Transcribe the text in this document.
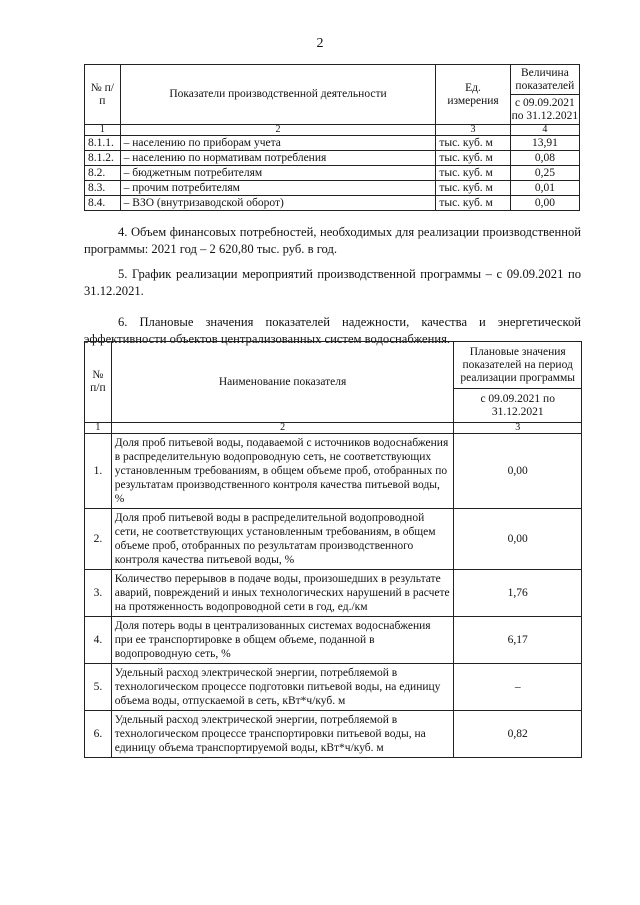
2
№ п/п	Показатели производственной деятельности	Ед. измерения	Величина показателей
с 09.09.2021 по 31.12.2021

1	2	3	4
8.1.1.	– населению по приборам учета	тыс. куб. м	13,91
8.1.2.	– населению по нормативам потребления	тыс. куб. м	0,08
8.2.	– бюджетным потребителям	тыс. куб. м	0,25
8.3.	– прочим потребителям	тыс. куб. м	0,01
8.4.	– ВЗО (внутризаводской оборот)	тыс. куб. м	0,00

4. Объем финансовых потребностей, необходимых для реализации производственной программы: 2021 год – 2 620,80 тыс. руб. в год.

5. График реализации мероприятий производственной программы – с 09.09.2021 по 31.12.2021.

6. Плановые значения показателей надежности, качества и энергетической эффективности объектов централизованных систем водоснабжения.

№ п/п	Наименование показателя	Плановые значения показателей на период реализации программы
с 09.09.2021 по 31.12.2021

1	2	3
1.	Доля проб питьевой воды, подаваемой с источников водоснабжения в распределительную водопроводную сеть, не соответствующих установленным требованиям, в общем объеме проб, отобранных по результатам производственного контроля качества питьевой воды, %	0,00
2.	Доля проб питьевой воды в распределительной водопроводной сети, не соответствующих установленным требованиям, в общем объеме проб, отобранных по результатам производственного контроля качества питьевой воды, %	0,00
3.	Количество перерывов в подаче воды, произошедших в результате аварий, повреждений и иных технологических нарушений в расчете на протяженность водопроводной сети в год, ед./км	1,76
4.	Доля потерь воды в централизованных системах водоснабжения при ее транспортировке в общем объеме, поданной в водопроводную сеть, %	6,17
5.	Удельный расход электрической энергии, потребляемой в технологическом процессе подготовки питьевой воды, на единицу объема воды, отпускаемой в сеть, кВт*ч/куб. м	–
6.	Удельный расход электрической энергии, потребляемой в технологическом процессе транспортировки питьевой воды, на единицу объема транспортируемой воды, кВт*ч/куб. м	0,82
